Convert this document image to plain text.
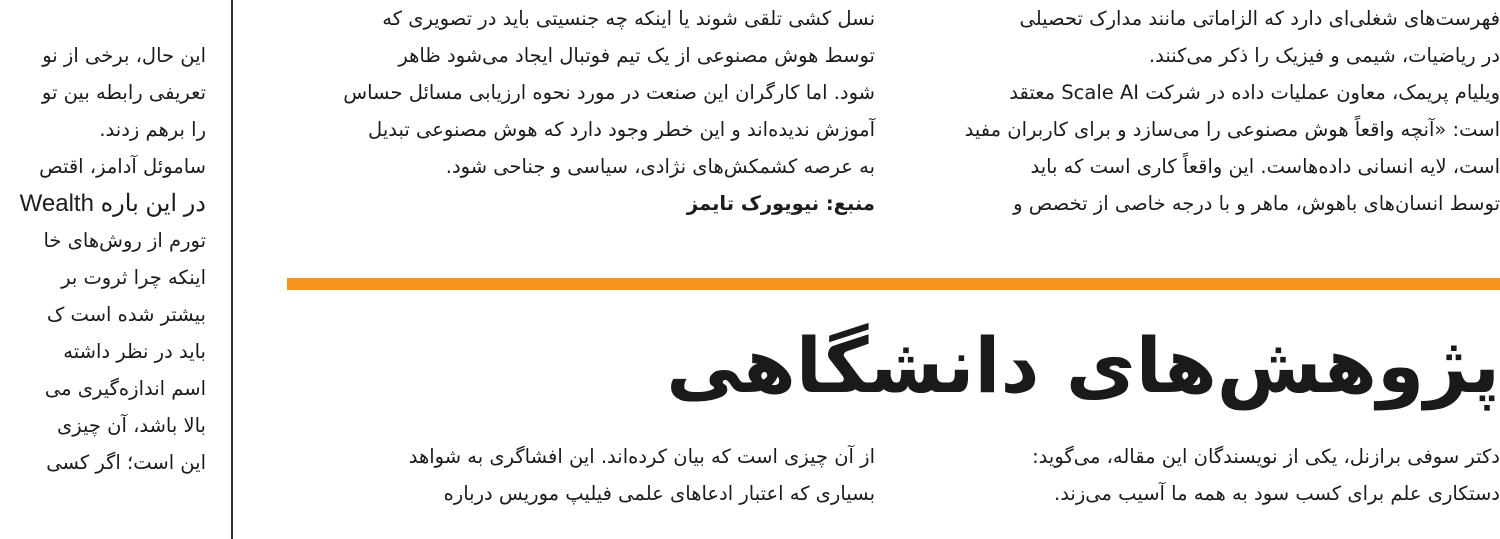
این حال، برخی از نو
تعریفی رابطه بین تو
را برهم زدند.
ساموئل آدامز، اقتص
Wealth در این باره
تورم از روش‌های خا
اینکه چرا ثروت بر
بیشتر شده است ک
باید در نظر داشته
اسم اندازه‌گیری می
بالا باشد، آن چیزی
این است؛ اگر کسی
نسل کشی تلقی شوند یا اینکه چه جنسیتی باید در تصویری که
توسط هوش مصنوعی از یک تیم فوتبال ایجاد می‌شود ظاهر
شود. اما کارگران این صنعت در مورد نحوه ارزیابی مسائل حساس
آموزش ندیده‌اند و این خطر وجود دارد که هوش مصنوعی تبدیل
به عرصه کشمکش‌های نژادی، سیاسی و جناحی شود.
منبع: نیویورک تایمز
فهرست‌های شغلی‌ای دارد که الزاماتی مانند مدارک تحصیلی
در ریاضیات، شیمی و فیزیک را ذکر می‌کنند.
ویلیام پریمک، معاون عملیات داده در شرکت Scale AI معتقد
است: «آنچه واقعاً هوش مصنوعی را می‌سازد و برای کاربران مفید
است، لایه انسانی داده‌هاست. این واقعاً کاری است که باید
توسط انسان‌های باهوش، ماهر و با درجه خاصی از تخصص و
پژوهش‌های دانشگاهی
از آن چیزی است که بیان کرده‌اند. این افشاگری به شواهد
بسیاری که اعتبار ادعاهای علمی فیلیپ موریس درباره
دکتر سوفی برازنل، یکی از نویسندگان این مقاله، می‌گوید:
دستکاری علم برای کسب سود به همه ما آسیب می‌زند.
